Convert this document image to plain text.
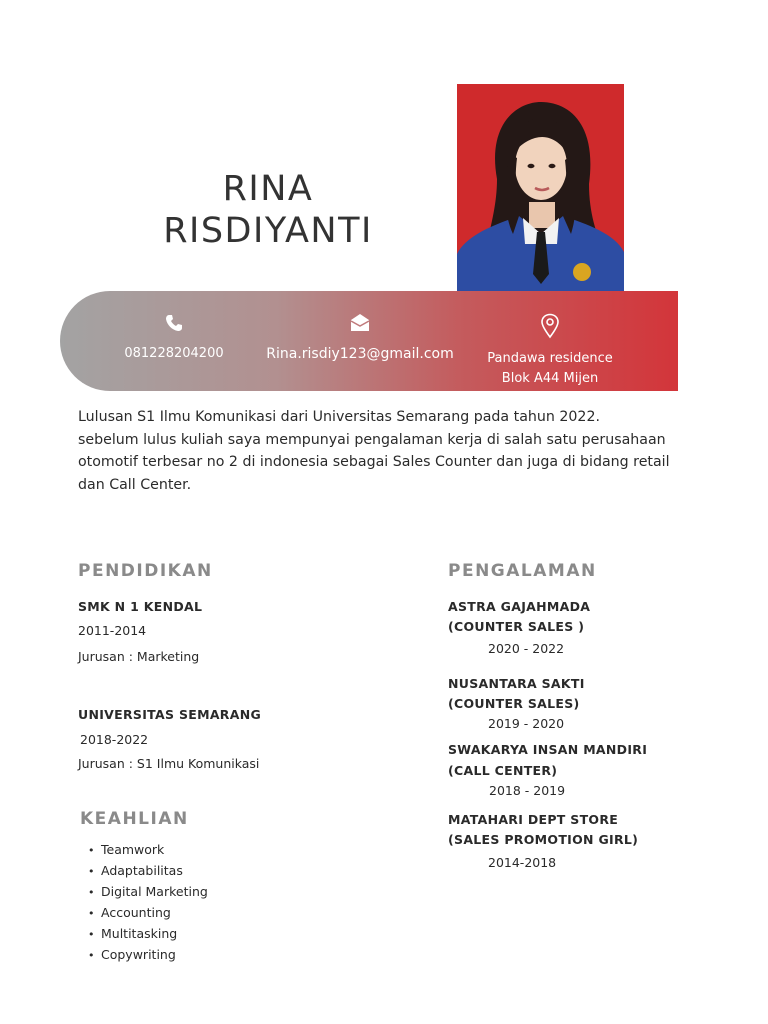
RINA
RISDIYANTI
081228204200	Rina.risdiy123@gmail.com	Pandawa residence
Blok A44 Mijen

Lulusan S1 Ilmu Komunikasi dari Universitas Semarang pada tahun 2022.

sebelum lulus kuliah saya mempunyai pengalaman kerja di salah satu perusahaan

otomotif terbesar no 2 di indonesia sebagai Sales Counter dan juga di bidang retail

dan Call Center.

PENDIDIKAN
SMK N 1 KENDAL
2011-2014
Jurusan : Marketing
UNIVERSITAS SEMARANG
2018-2022
Jurusan : S1 Ilmu Komunikasi
KEAHLIAN
• Teamwork
• Adaptabilitas
• Digital Marketing
• Accounting
• Multitasking
• Copywriting
PENGALAMAN
ASTRA GAJAHMADA
(COUNTER SALES )
2020 - 2022
NUSANTARA SAKTI
(COUNTER SALES)
2019 - 2020
SWAKARYA INSAN MANDIRI
(CALL CENTER)
2018 - 2019
MATAHARI DEPT STORE
(SALES PROMOTION GIRL)
2014-2018
